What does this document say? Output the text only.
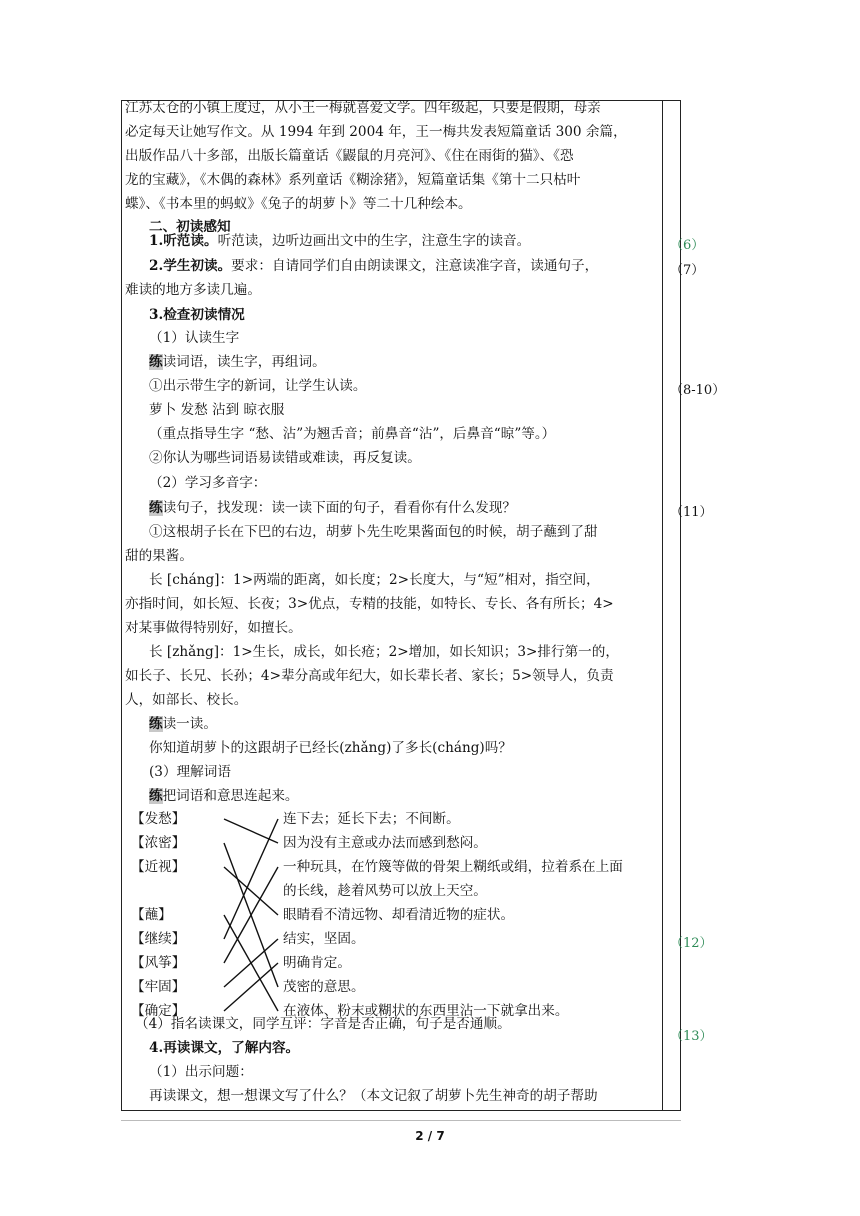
2 / 7
江苏太仓的小镇上度过，从小王一梅就喜爱文学。四年级起，只要是假期，母亲
必定每天让她写作文。从 1994 年到 2004 年，王一梅共发表短篇童话 300 余篇，
出版作品八十多部，出版长篇童话《鼹鼠的月亮河》、《住在雨街的猫》、《恐
龙的宝藏》，《木偶的森林》系列童话《糊涂猪》，短篇童话集《第十二只枯叶
蝶》、《书本里的蚂蚁》《兔子的胡萝卜》等二十几种绘本。
二、初读感知
1.听范读。听范读，边听边画出文中的生字，注意生字的读音。
2.学生初读。要求：自请同学们自由朗读课文，注意读准字音，读通句子，
难读的地方多读几遍。
3.检查初读情况
（1）认读生字
练读词语，读生字，再组词。
①出示带生字的新词，让学生认读。
萝卜 发愁 沾到 晾衣服
（重点指导生字 “愁、沾”为翘舌音；前鼻音“沾”，后鼻音“晾”等。）
②你认为哪些词语易读错或难读，再反复读。
（2）学习多音字：
练读句子，找发现：读一读下面的句子，看看你有什么发现？
①这根胡子长在下巴的右边，胡萝卜先生吃果酱面包的时候，胡子蘸到了甜
甜的果酱。
长 [cháng]：1>两端的距离，如长度；2>长度大，与“短”相对，指空间，
亦指时间，如长短、长夜；3>优点，专精的技能，如特长、专长、各有所长；4>
对某事做得特别好，如擅长。
长 [zhǎng]：1>生长，成长，如长疮；2>增加，如长知识；3>排行第一的，
如长子、长兄、长孙；4>辈分高或年纪大，如长辈长者、家长；5>领导人，负责
人，如部长、校长。
练读一读。
你知道胡萝卜的这跟胡子已经长(zhǎng)了多长(cháng)吗？
(3）理解词语
练把词语和意思连起来。
（4）指名读课文，同学互评：字音是否正确，句子是否通顺。
4.再读课文，了解内容。
（1）出示问题：
再读课文，想一想课文写了什么？（本文记叙了胡萝卜先生神奇的胡子帮助
【发愁】
【浓密】
【近视】
【蘸】
【继续】
【风筝】
【牢固】
【确定】
连下去；延长下去；不间断。
因为没有主意或办法而感到愁闷。
一种玩具，在竹篾等做的骨架上糊纸或绢，拉着系在上面
的长线，趁着风势可以放上天空。
眼睛看不清远物、却看清近物的症状。
结实，坚固。
明确肯定。
茂密的意思。
在液体、粉末或糊状的东西里沾一下就拿出来。
（6）
（7）
（8-10）
（11）
（12）
（13）
